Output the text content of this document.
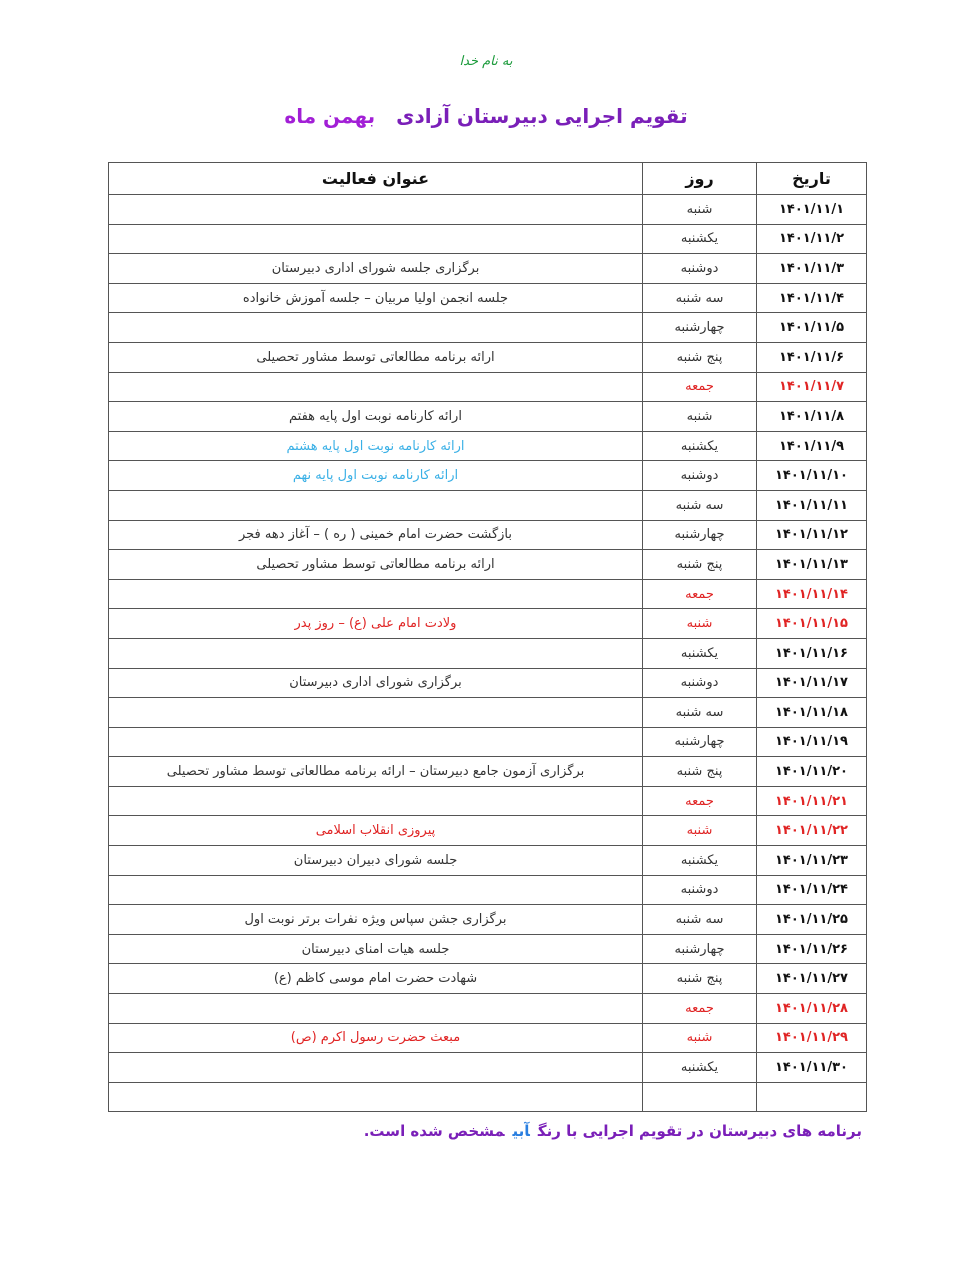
به نام خدا
تقویم اجرایی دبیرستان آزادی بهمن ماه
تاریخ	روز	عنوان فعالیت
۱۴۰۱/۱۱/۱	شنبه	
۱۴۰۱/۱۱/۲	یکشنبه	
۱۴۰۱/۱۱/۳	دوشنبه	برگزاری جلسه شورای اداری دبیرستان
۱۴۰۱/۱۱/۴	سه شنبه	جلسه انجمن اولیا مربیان – جلسه آموزش خانواده
۱۴۰۱/۱۱/۵	چهارشنبه	
۱۴۰۱/۱۱/۶	پنج شنبه	ارائه برنامه مطالعاتی توسط مشاور تحصیلی
۱۴۰۱/۱۱/۷	جمعه	
۱۴۰۱/۱۱/۸	شنبه	ارائه کارنامه نوبت اول پایه هفتم
۱۴۰۱/۱۱/۹	یکشنبه	ارائه کارنامه نوبت اول پایه هشتم
۱۴۰۱/۱۱/۱۰	دوشنبه	ارائه کارنامه نوبت اول پایه نهم
۱۴۰۱/۱۱/۱۱	سه شنبه	
۱۴۰۱/۱۱/۱۲	چهارشنبه	بازگشت حضرت امام خمینی ( ره ) – آغاز دهه فجر
۱۴۰۱/۱۱/۱۳	پنج شنبه	ارائه برنامه مطالعاتی توسط مشاور تحصیلی
۱۴۰۱/۱۱/۱۴	جمعه	
۱۴۰۱/۱۱/۱۵	شنبه	ولادت امام علی (ع) – روز پدر
۱۴۰۱/۱۱/۱۶	یکشنبه	
۱۴۰۱/۱۱/۱۷	دوشنبه	برگزاری شورای اداری دبیرستان
۱۴۰۱/۱۱/۱۸	سه شنبه	
۱۴۰۱/۱۱/۱۹	چهارشنبه	
۱۴۰۱/۱۱/۲۰	پنج شنبه	برگزاری آزمون جامع دبیرستان – ارائه برنامه مطالعاتی توسط مشاور تحصیلی
۱۴۰۱/۱۱/۲۱	جمعه	
۱۴۰۱/۱۱/۲۲	شنبه	پیروزی انقلاب اسلامی
۱۴۰۱/۱۱/۲۳	یکشنبه	جلسه شورای دبیران دبیرستان
۱۴۰۱/۱۱/۲۴	دوشنبه	
۱۴۰۱/۱۱/۲۵	سه شنبه	برگزاری جشن سپاس ویژه نفرات برتر نوبت اول
۱۴۰۱/۱۱/۲۶	چهارشنبه	جلسه هیات امنای دبیرستان
۱۴۰۱/۱۱/۲۷	پنج شنبه	شهادت حضرت امام موسی کاظم (ع)
۱۴۰۱/۱۱/۲۸	جمعه	
۱۴۰۱/۱۱/۲۹	شنبه	مبعث حضرت رسول اکرم (ص)
۱۴۰۱/۱۱/۳۰	یکشنبه	

برنامه های دبیرستان در تقویم اجرایی با رنگآبیمشخص شده است.
